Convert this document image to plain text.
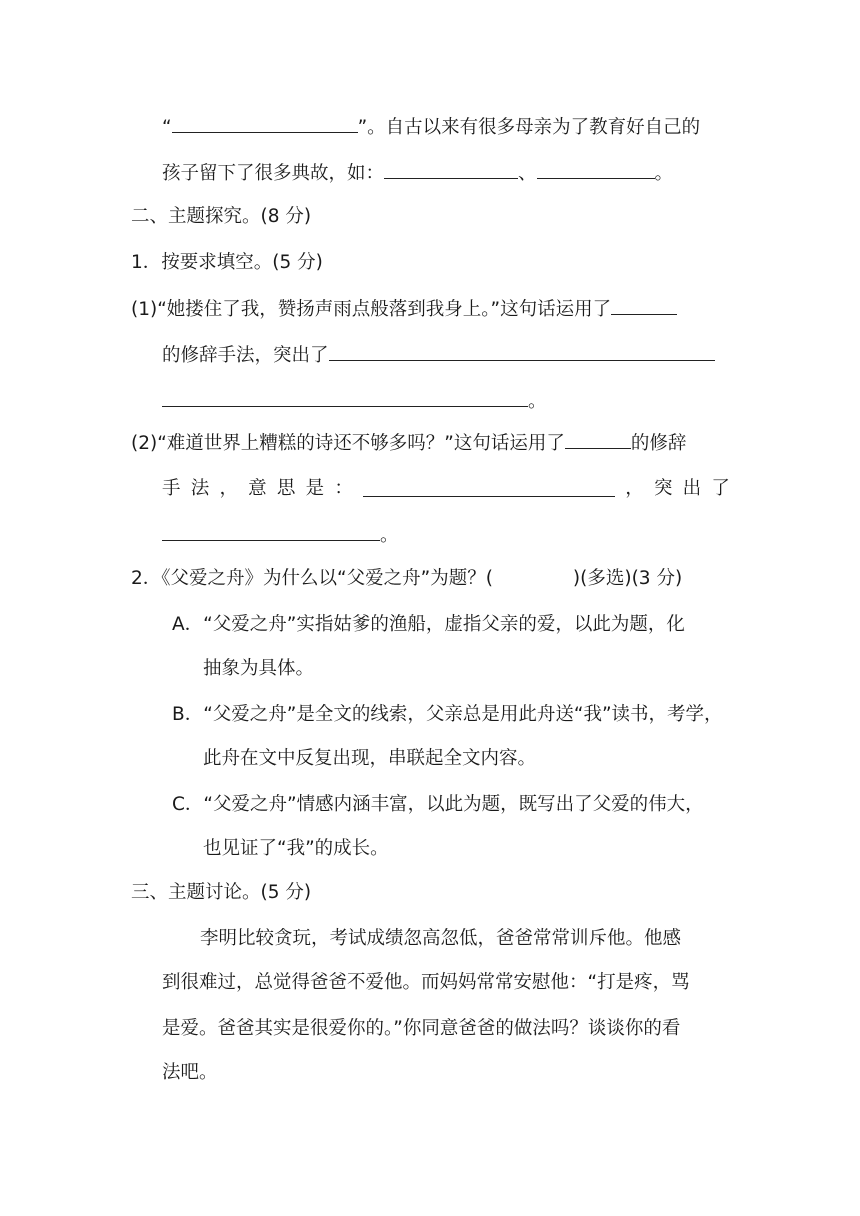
“	”。自古以来有很多母亲为了教育好自己的
孩子留下了很多典故，如：	、	。
二、主题探究。(8 分)
1．按要求填空。(5 分)
(1)“她搂住了我，赞扬声雨点般落到我身上。”这句话运用了
的修辞手法，突出了
。
(2)“难道世界上糟糕的诗还不够多吗？”这句话运用了	的修辞
手 法 ， 意 思 是 ：	， 突 出 了
。
2．《父爱之舟》为什么以“父爱之舟”为题？(	)(多选)(3 分)
A．“父爱之舟”实指姑爹的渔船，虚指父亲的爱，以此为题，化
抽象为具体。
B．“父爱之舟”是全文的线索，父亲总是用此舟送“我”读书，考学，
此舟在文中反复出现，串联起全文内容。
C．“父爱之舟”情感内涵丰富，以此为题，既写出了父爱的伟大，
也见证了“我”的成长。
三、主题讨论。(5 分)
李明比较贪玩，考试成绩忽高忽低，爸爸常常训斥他。他感
到很难过，总觉得爸爸不爱他。而妈妈常常安慰他：“打是疼，骂
是爱。爸爸其实是很爱你的。”你同意爸爸的做法吗？谈谈你的看
法吧。
